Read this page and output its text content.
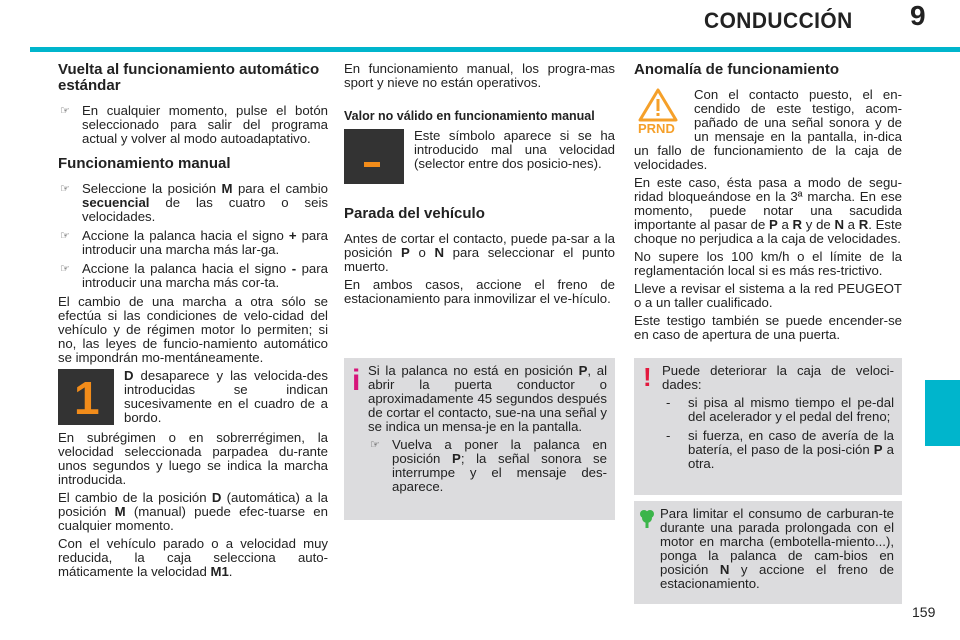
CONDUCCIÓN 9
159
Vuelta al funcionamiento automático estándar
☞ En cualquier momento, pulse el botón seleccionado para salir del programa actual y volver al modo autoadaptativo.
Funcionamiento manual
☞ Seleccione la posición M para el cambio secuencial de las cuatro o seis velocidades.
☞ Accione la palanca hacia el signo + para introducir una marcha más lar-ga.
☞ Accione la palanca hacia el signo - para introducir una marcha más cor-ta.

El cambio de una marcha a otra sólo se efectúa si las condiciones de velo-cidad del vehículo y de régimen motor lo permiten; si no, las leyes de funcio-namiento automático se impondrán mo-mentáneamente.

1 D desaparece y las velocida-des introducidas se indican sucesivamente en el cuadro de a bordo.

En subrégimen o en sobrerrégimen, la velocidad seleccionada parpadea du-rante unos segundos y luego se indica la marcha introducida.

El cambio de la posición D (automática) a la posición M (manual) puede efec-tuarse en cualquier momento.

Con el vehículo parado o a velocidad muy reducida, la caja selecciona auto-máticamente la velocidad M1.

En funcionamiento manual, los progra-mas sport y nieve no están operativos.

Valor no válido en funcionamiento manual

Este símbolo aparece si se ha introducido mal una velocidad (selector entre dos posicio-nes).

Parada del vehículo

Antes de cortar el contacto, puede pa-sar a la posición P o N para seleccionar el punto muerto.

En ambos casos, accione el freno de estacionamiento para inmovilizar el ve-hículo.

i Si la palanca no está en posición P, al abrir la puerta conductor o aproximadamente 45 segundos después de cortar el contacto, sue-na una señal y se indica un mensa-je en la pantalla.

☞ Vuelva a poner la palanca en posición P; la señal sonora se interrumpe y el mensaje des-aparece.
Anomalía de funcionamiento
PRND

Con el contacto puesto, el en-cendido de este testigo, acom-pañado de una señal sonora y de un mensaje en la pantalla, in-dica un fallo de funcionamiento de la caja de velocidades.

En este caso, ésta pasa a modo de segu-ridad bloqueándose en la 3ª marcha. En ese momento, puede notar una sacudida importante al pasar de P a R y de N a R. Este choque no perjudica a la caja de velocidades.

No supere los 100 km/h o el límite de la reglamentación local si es más res-trictivo.

Lleve a revisar el sistema a la red PEUGEOT o a un taller cualificado.

Este testigo también se puede encender-se en caso de apertura de una puerta.

! Puede deteriorar la caja de veloci-dades:

-	si pisa al mismo tiempo el pe-dal del acelerador y el pedal del freno;
-	si fuerza, en caso de avería de la batería, el paso de la posi-ción P a otra.

Para limitar el consumo de carburan-te durante una parada prolongada con el motor en marcha (embotella-miento...), ponga la palanca de cam-bios en posición N y accione el freno de estacionamiento.
